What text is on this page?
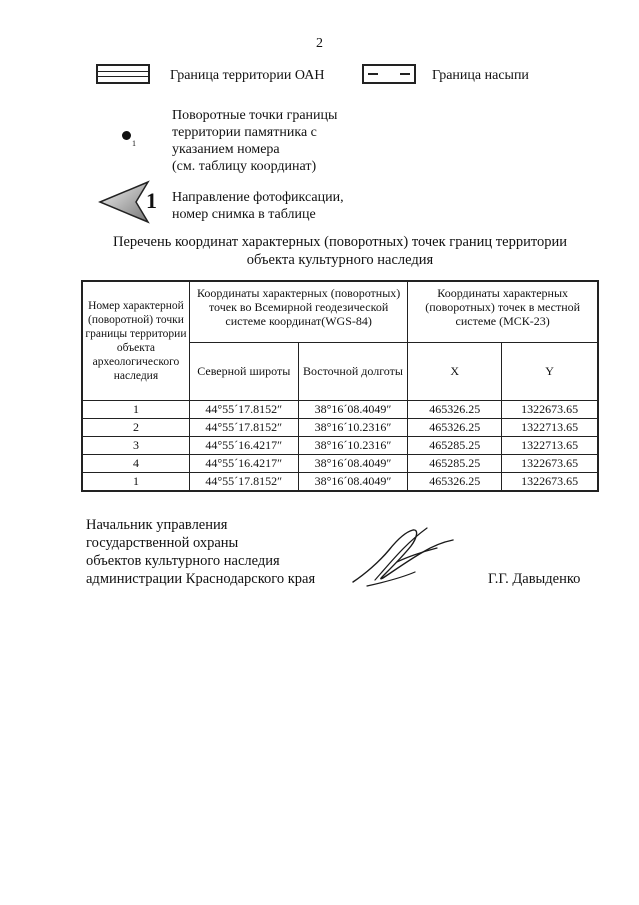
2
Граница территории ОАН	Граница насыпи
1
Поворотные точки границы
территории памятника с
указанием номера
(см. таблицу координат)
1 Направление фотофиксации,
номер снимка в таблице
Перечень координат характерных (поворотных) точек границ территории
объекта культурного наследия
Номер характерной (поворотной) точки границы территории объекта археологического наследия	Координаты характерных (поворотных) точек во Всемирной геодезической системе координат(WGS-84)		Координаты характерных (поворотных) точек в местной системе (МСК-23)	
	Северной широты	Восточной долготы	X	Y
1	44°55´17.8152″	38°16´08.4049″	465326.25	1322673.65
2	44°55´17.8152″	38°16´10.2316″	465326.25	1322713.65
3	44°55´16.4217″	38°16´10.2316″	465285.25	1322713.65
4	44°55´16.4217″	38°16´08.4049″	465285.25	1322673.65
1	44°55´17.8152″	38°16´08.4049″	465326.25	1322673.65
Начальник управления
государственной охраны
объектов культурного наследия
администрации Краснодарского края	Г.Г. Давыденко
